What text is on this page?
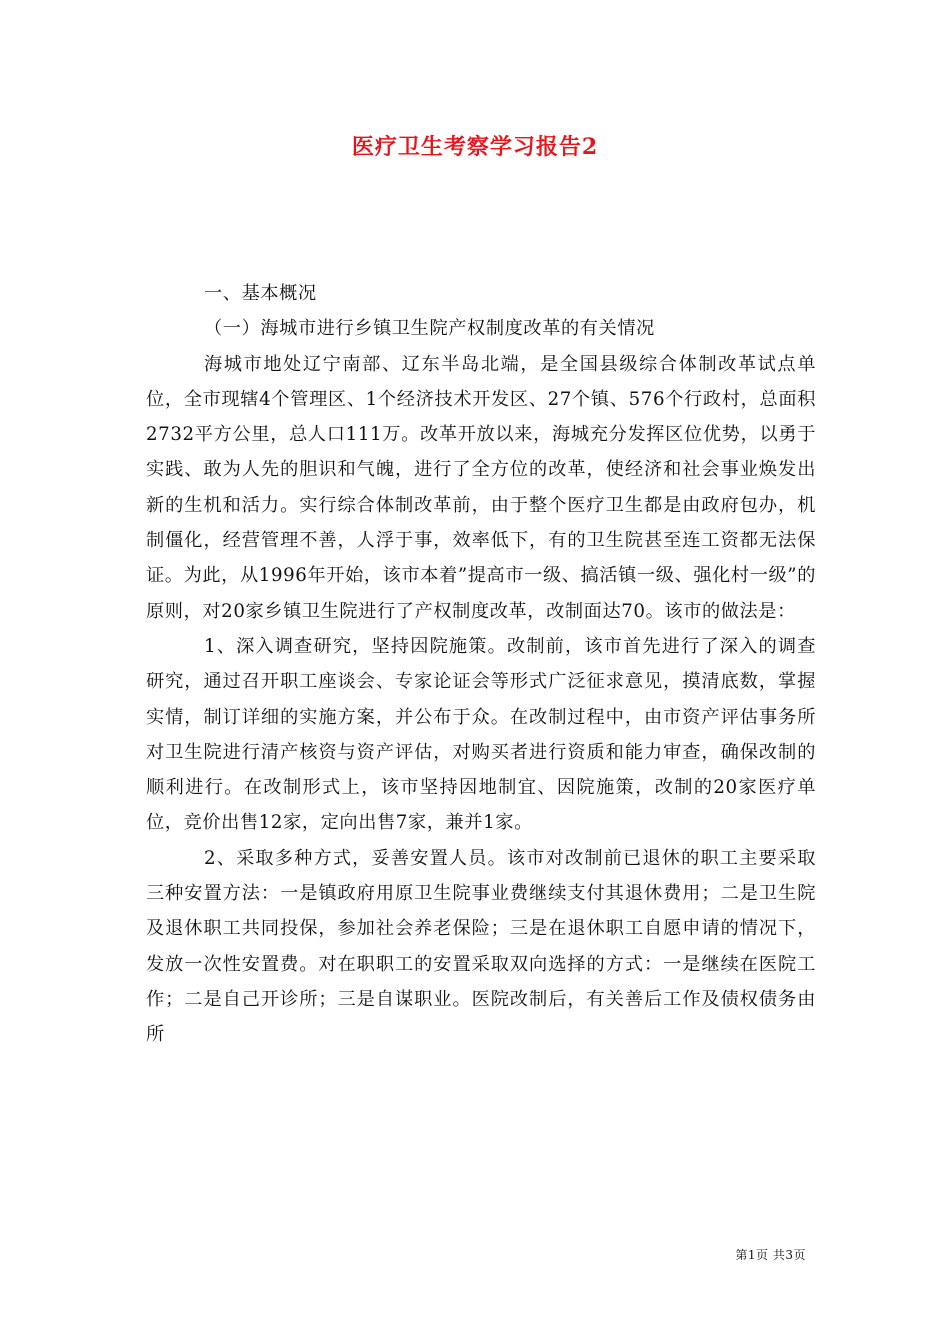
医疗卫生考察学习报告2

一、基本概况

（一）海城市进行乡镇卫生院产权制度改革的有关情况

海城市地处辽宁南部、辽东半岛北端，是全国县级综合体制改革试点单位，全市现辖4个管理区、1个经济技术开发区、27个镇、576个行政村，总面积2732平方公里，总人口111万。改革开放以来，海城充分发挥区位优势，以勇于实践、敢为人先的胆识和气魄，进行了全方位的改革，使经济和社会事业焕发出新的生机和活力。实行综合体制改革前，由于整个医疗卫生都是由政府包办，机制僵化，经营管理不善，人浮于事，效率低下，有的卫生院甚至连工资都无法保证。为此，从1996年开始，该市本着”提高市一级、搞活镇一级、强化村一级”的原则，对20家乡镇卫生院进行了产权制度改革，改制面达70。该市的做法是：

1、深入调查研究，坚持因院施策。改制前，该市首先进行了深入的调查研究，通过召开职工座谈会、专家论证会等形式广泛征求意见，摸清底数，掌握实情，制订详细的实施方案，并公布于众。在改制过程中，由市资产评估事务所对卫生院进行清产核资与资产评估，对购买者进行资质和能力审查，确保改制的顺利进行。在改制形式上，该市坚持因地制宜、因院施策，改制的20家医疗单位，竞价出售12家，定向出售7家，兼并1家。

2、采取多种方式，妥善安置人员。该市对改制前已退休的职工主要采取三种安置方法：一是镇政府用原卫生院事业费继续支付其退休费用；二是卫生院及退休职工共同投保，参加社会养老保险；三是在退休职工自愿申请的情况下，发放一次性安置费。对在职职工的安置采取双向选择的方式：一是继续在医院工作；二是自己开诊所；三是自谋职业。医院改制后，有关善后工作及债权债务由所

第1页 共3页
